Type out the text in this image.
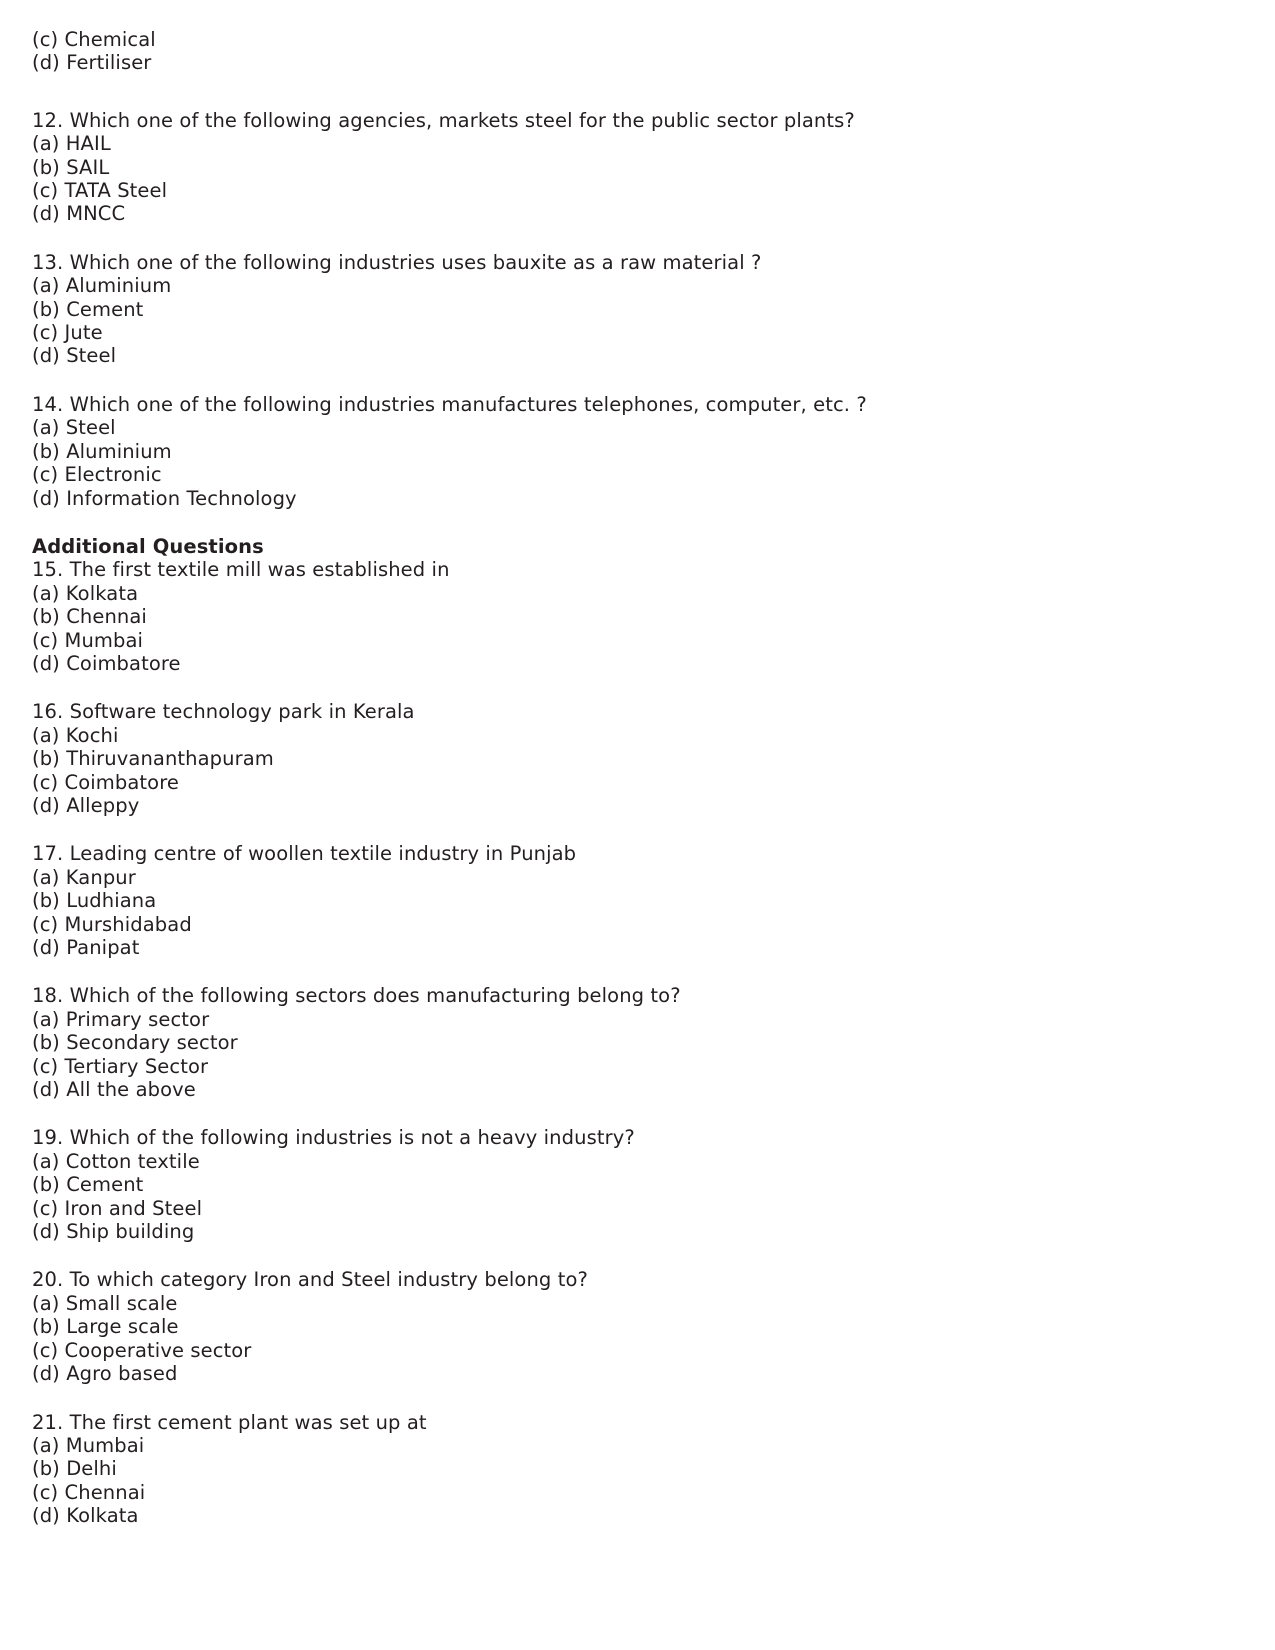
(c) Chemical

(d) Fertiliser

12. Which one of the following agencies, markets steel for the public sector plants?

(a) HAIL

(b) SAIL

(c) TATA Steel

(d) MNCC

13. Which one of the following industries uses bauxite as a raw material ?

(a) Aluminium

(b) Cement

(c) Jute

(d) Steel

14. Which one of the following industries manufactures telephones, computer, etc. ?

(a) Steel

(b) Aluminium

(c) Electronic

(d) Information Technology

Additional Questions

15. The first textile mill was established in

(a) Kolkata

(b) Chennai

(c) Mumbai

(d) Coimbatore

16. Software technology park in Kerala

(a) Kochi

(b) Thiruvananthapuram

(c) Coimbatore

(d) Alleppy

17. Leading centre of woollen textile industry in Punjab

(a) Kanpur

(b) Ludhiana

(c) Murshidabad

(d) Panipat

18. Which of the following sectors does manufacturing belong to?

(a) Primary sector

(b) Secondary sector

(c) Tertiary Sector

(d) All the above

19. Which of the following industries is not a heavy industry?

(a) Cotton textile

(b) Cement

(c) Iron and Steel

(d) Ship building

20. To which category Iron and Steel industry belong to?

(a) Small scale

(b) Large scale

(c) Cooperative sector

(d) Agro based

21. The first cement plant was set up at

(a) Mumbai

(b) Delhi

(c) Chennai

(d) Kolkata
